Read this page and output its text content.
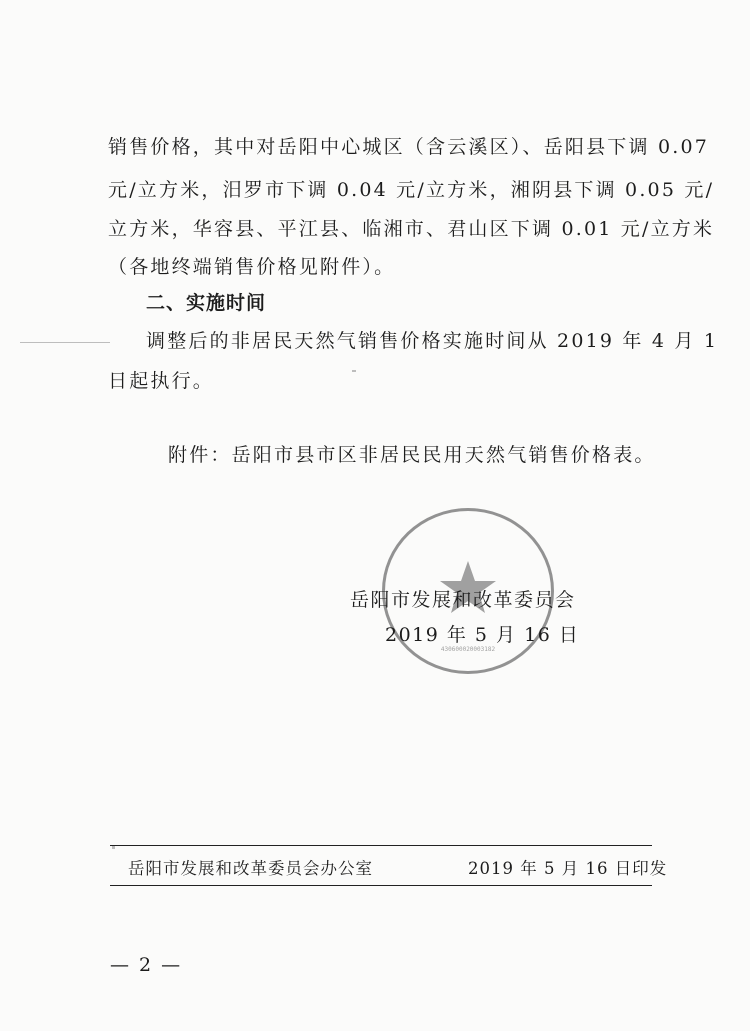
销售价格，其中对岳阳中心城区（含云溪区）、岳阳县下调 0.07
元/立方米，汨罗市下调 0.04 元/立方米，湘阴县下调 0.05 元/
立方米，华容县、平江县、临湘市、君山区下调 0.01 元/立方米
（各地终端销售价格见附件）。
二、实施时间
调整后的非居民天然气销售价格实施时间从 2019 年 4 月 1
日起执行。
附件：岳阳市县市区非居民民用天然气销售价格表。
430600020003182
岳阳市发展和改革委员会
2019 年 5 月 16 日
岳阳市发展和改革委员会办公室	2019 年 5 月 16 日印发
— 2 —
